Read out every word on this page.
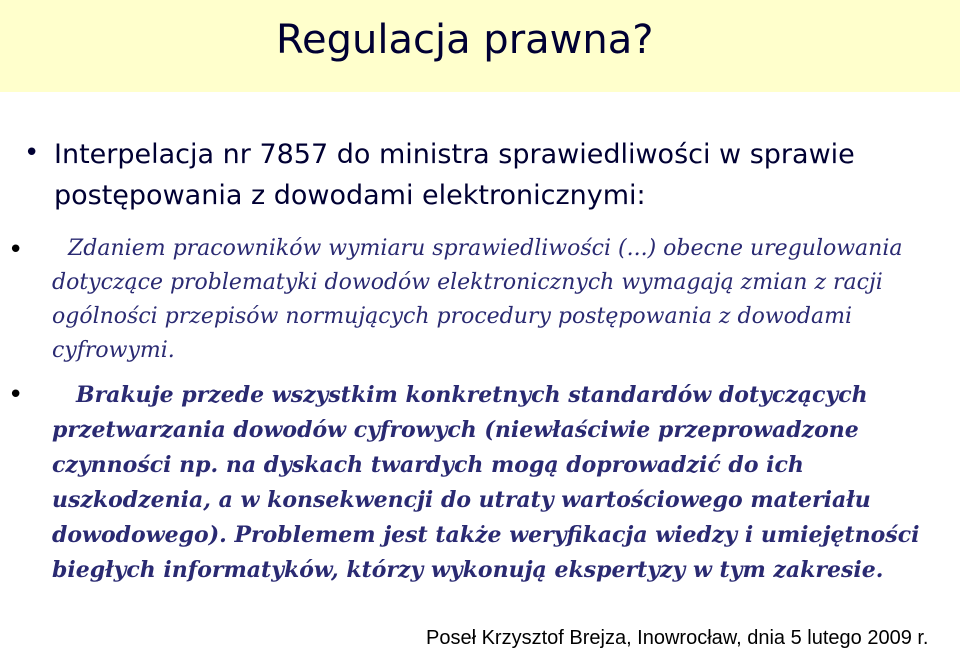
Regulacja prawna?
• Interpelacja nr 7857 do ministra sprawiedliwości w sprawie postępowania z dowodami elektronicznymi:
•	Zdaniem pracowników wymiaru sprawiedliwości (...) obecne uregulowania dotyczące problematyki dowodów elektronicznych wymagają zmian z racji ogólności przepisów normujących procedury postępowania z dowodami cyfrowymi.
•	Brakuje przede wszystkim konkretnych standardów dotyczących przetwarzania dowodów cyfrowych (niewłaściwie przeprowadzone czynności np. na dyskach twardych mogą doprowadzić do ich uszkodzenia, a w konsekwencji do utraty wartościowego materiału dowodowego). Problemem jest także weryfikacja wiedzy i umiejętności biegłych informatyków, którzy wykonują ekspertyzy w tym zakresie.
Poseł Krzysztof Brejza, Inowrocław, dnia 5 lutego 2009 r.
